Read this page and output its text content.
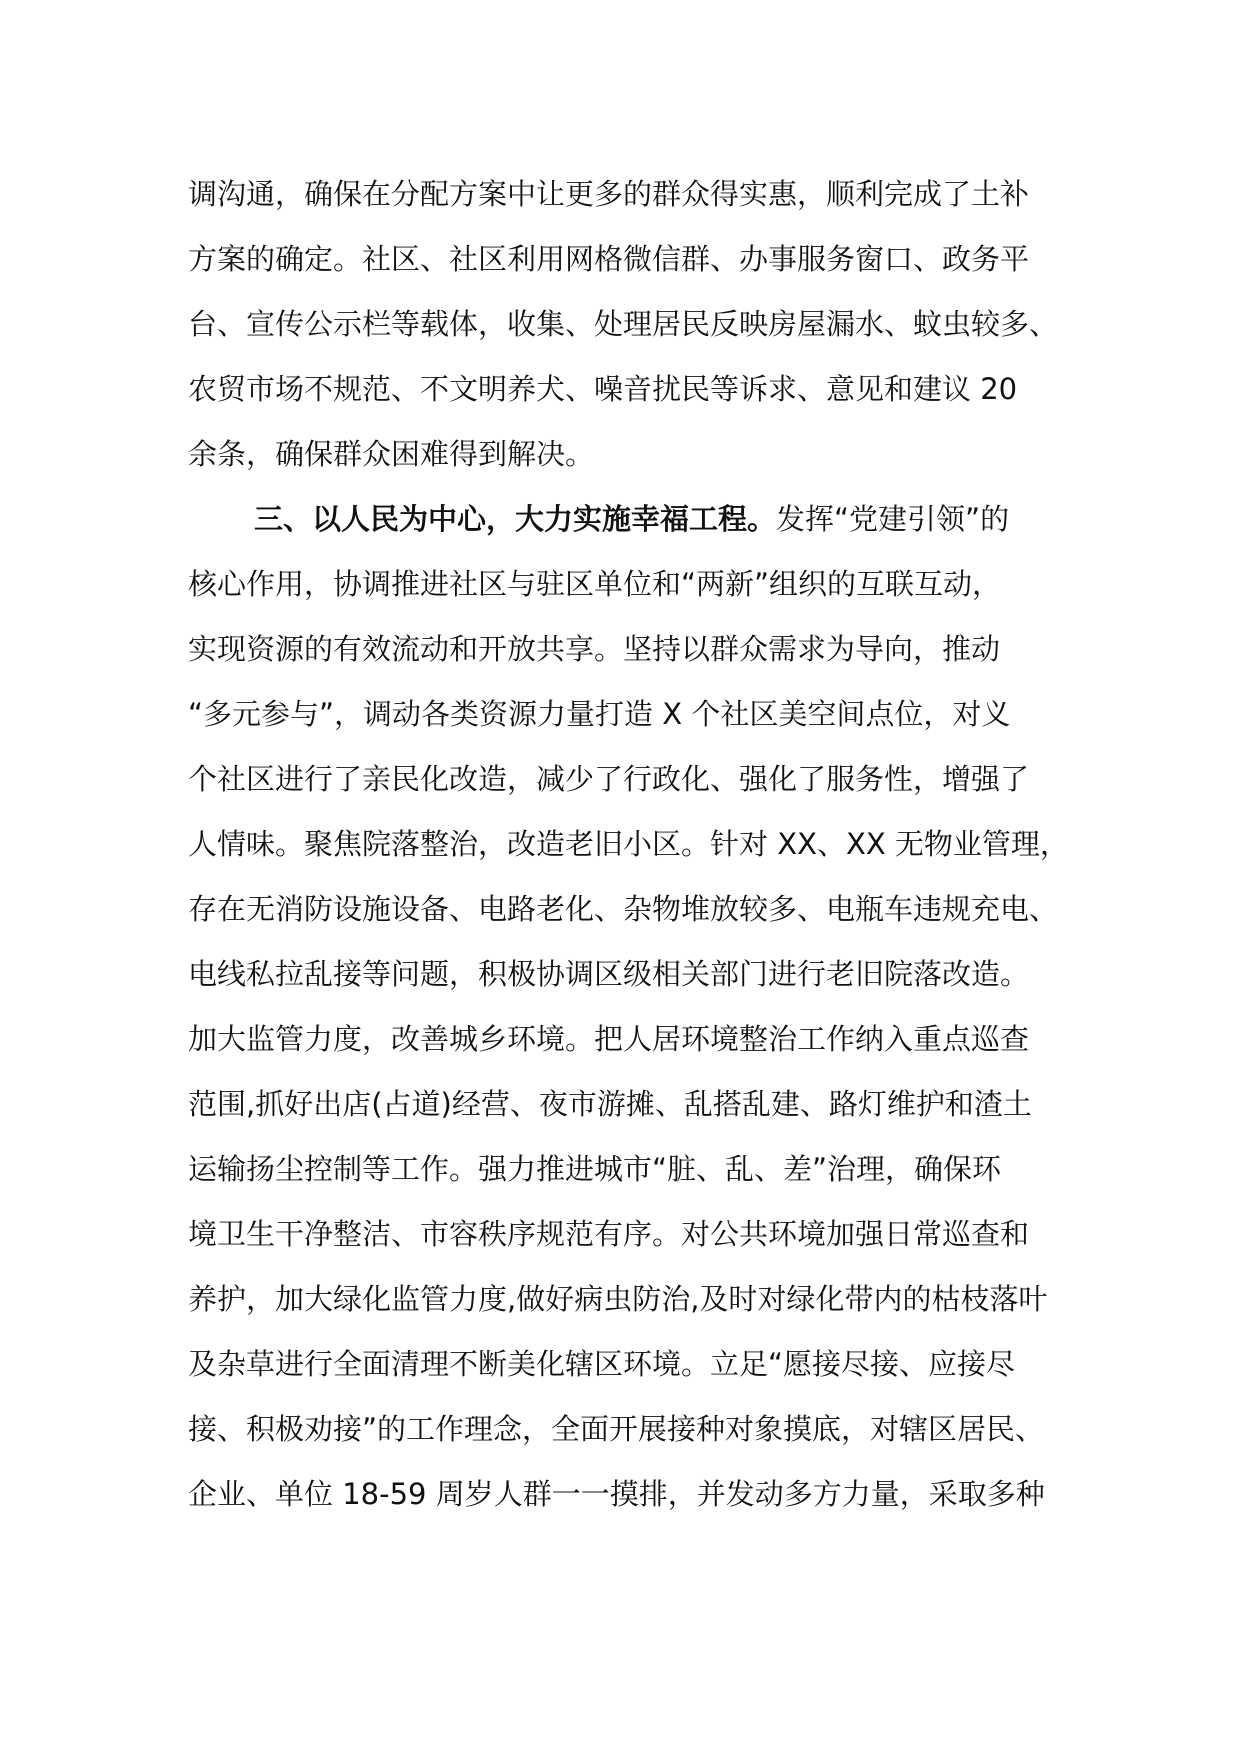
调沟通，确保在分配方案中让更多的群众得实惠，顺利完成了土补
方案的确定。社区、社区利用网格微信群、办事服务窗口、政务平
台、宣传公示栏等载体，收集、处理居民反映房屋漏水、蚊虫较多、
农贸市场不规范、不文明养犬、噪音扰民等诉求、意见和建议 20
余条，确保群众困难得到解决。
三、以人民为中心，大力实施幸福工程。发挥“党建引领”的
核心作用，协调推进社区与驻区单位和“两新”组织的互联互动，
实现资源的有效流动和开放共享。坚持以群众需求为导向，推动
“多元参与”，调动各类资源力量打造 X 个社区美空间点位，对义
个社区进行了亲民化改造，减少了行政化、强化了服务性，增强了
人情味。聚焦院落整治，改造老旧小区。针对 XX、XX 无物业管理，
存在无消防设施设备、电路老化、杂物堆放较多、电瓶车违规充电、
电线私拉乱接等问题，积极协调区级相关部门进行老旧院落改造。
加大监管力度，改善城乡环境。把人居环境整治工作纳入重点巡查
范围,抓好出店(占道)经营、夜市游摊、乱搭乱建、路灯维护和渣土
运输扬尘控制等工作。强力推进城市“脏、乱、差”治理，确保环
境卫生干净整洁、市容秩序规范有序。对公共环境加强日常巡查和
养护，加大绿化监管力度,做好病虫防治,及时对绿化带内的枯枝落叶
及杂草进行全面清理不断美化辖区环境。立足“愿接尽接、应接尽
接、积极劝接”的工作理念，全面开展接种对象摸底，对辖区居民、
企业、单位 18-59 周岁人群一一摸排，并发动多方力量，采取多种
